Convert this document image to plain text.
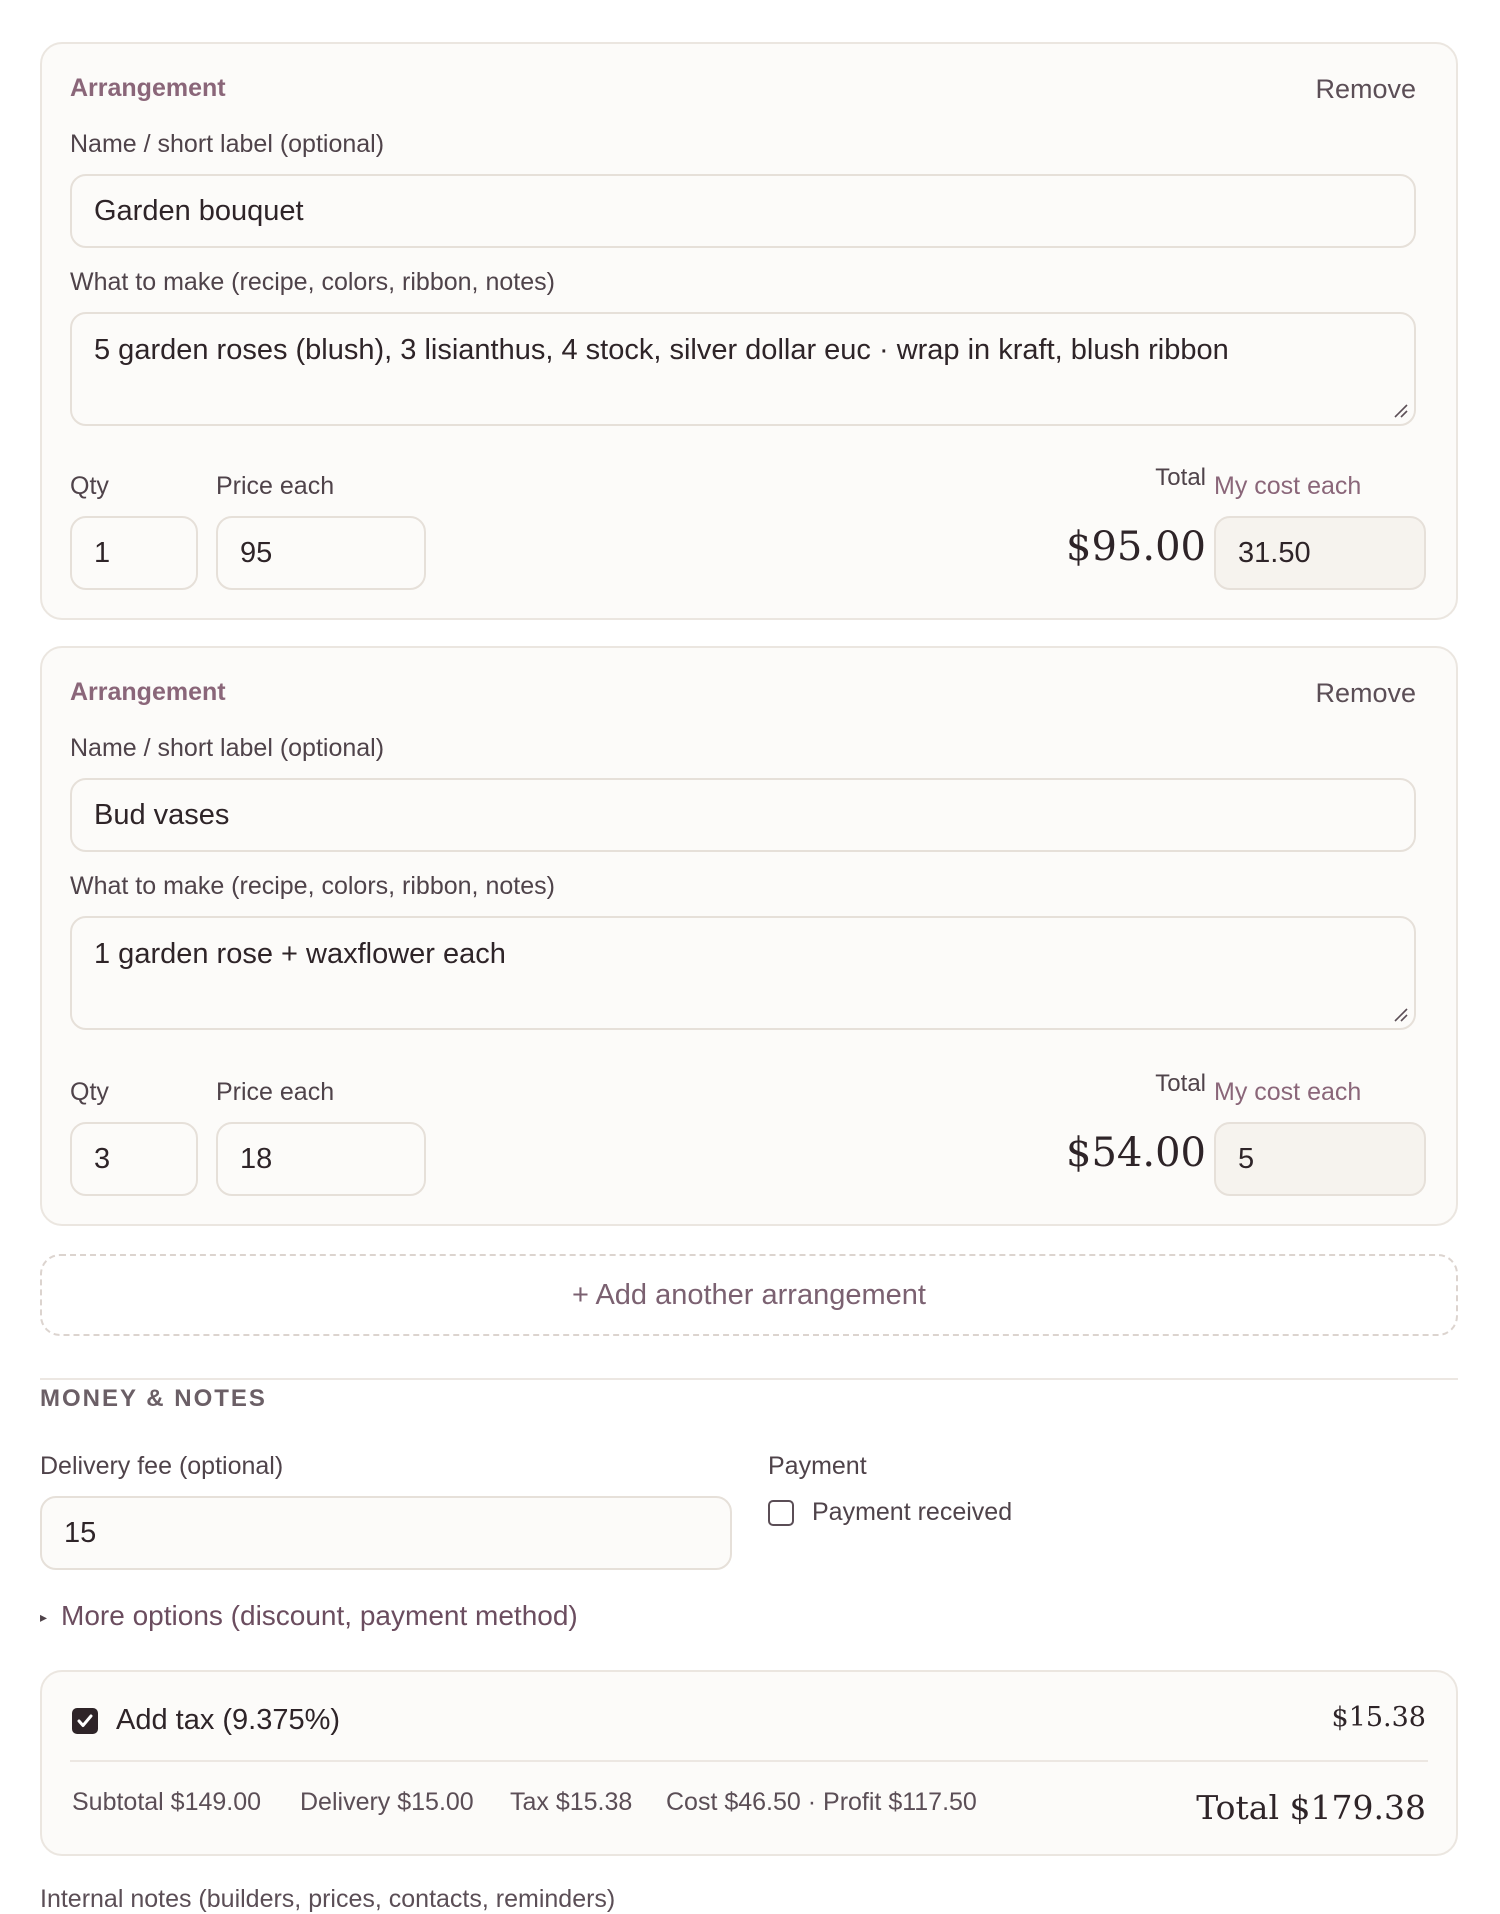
Arrangement	Remove
Name / short label (optional)
Garden bouquet
What to make (recipe, colors, ribbon, notes)
5 garden roses (blush), 3 lisianthus, 4 stock, silver dollar euc · wrap in kraft, blush ribbon
Qty	Price each
1	95
Total
$95.00
My cost each
31.50
Arrangement	Remove
Name / short label (optional)
Bud vases
What to make (recipe, colors, ribbon, notes)
1 garden rose + waxflower each
Qty	Price each
3	18
Total
$54.00
My cost each
5
+ Add another arrangement
MONEY & NOTES
Delivery fee (optional)
15
Payment
Payment received
▸ More options (discount, payment method)
Add tax (9.375%)	$15.38
Subtotal $149.00 Delivery $15.00 Tax $15.38 Cost $46.50 · Profit $117.50	Total $179.38
Internal notes (builders, prices, contacts, reminders)
